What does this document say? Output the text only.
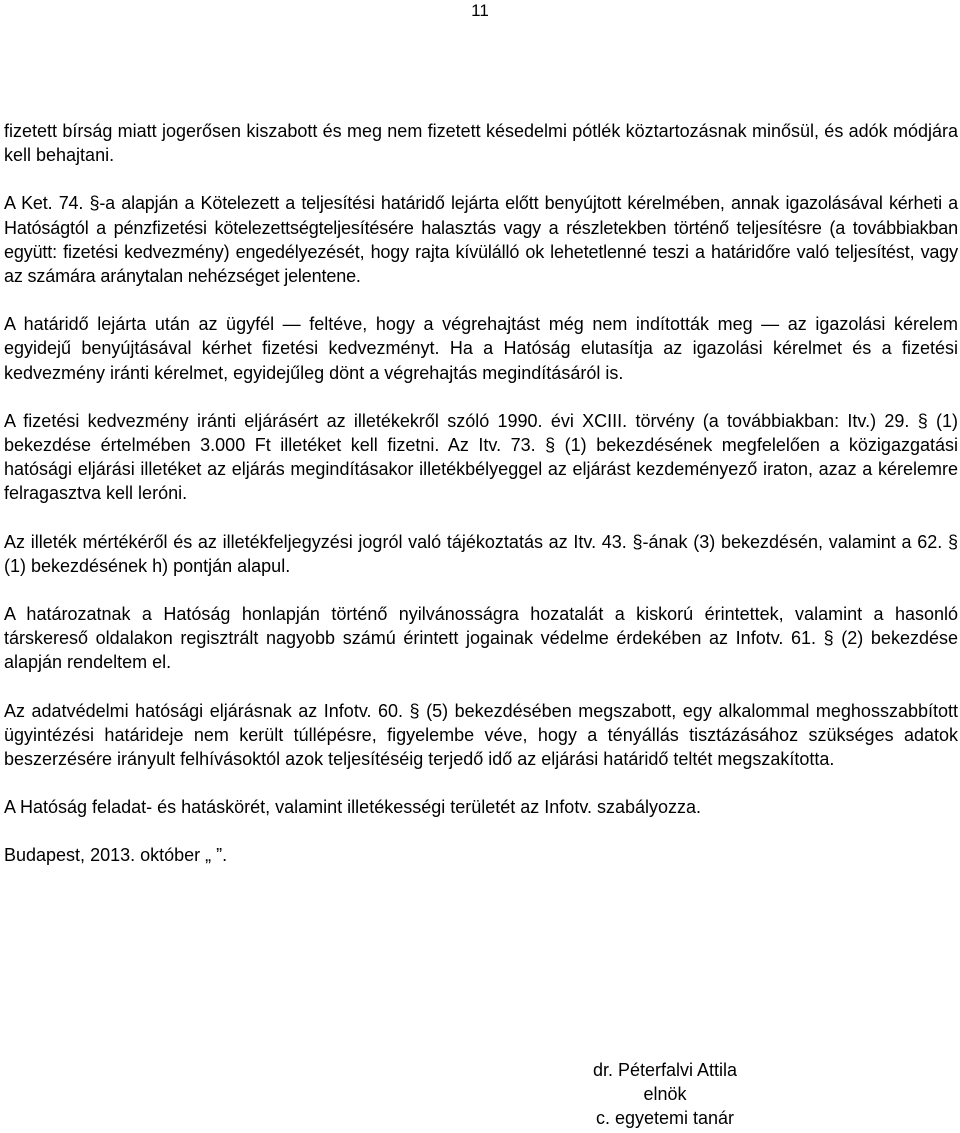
11

fizetett bírság miatt jogerősen kiszabott és meg nem fizetett késedelmi pótlék köztartozásnak minősül, és adók módjára kell behajtani.

A Ket. 74. §-a alapján a Kötelezett a teljesítési határidő lejárta előtt benyújtott kérelmében, annak igazolásával kérheti a Hatóságtól a pénzfizetési kötelezettségteljesítésére halasztás vagy a részletekben történő teljesítésre (a továbbiakban együtt: fizetési kedvezmény) engedélyezését, hogy rajta kívülálló ok lehetetlenné teszi a határidőre való teljesítést, vagy az számára aránytalan nehézséget jelentene.

A határidő lejárta után az ügyfél — feltéve, hogy a végrehajtást még nem indították meg — az igazolási kérelem egyidejű benyújtásával kérhet fizetési kedvezményt. Ha a Hatóság elutasítja az igazolási kérelmet és a fizetési kedvezmény iránti kérelmet, egyidejűleg dönt a végrehajtás megindításáról is.

A fizetési kedvezmény iránti eljárásért az illetékekről szóló 1990. évi XCIII. törvény (a továbbiakban: Itv.) 29. § (1) bekezdése értelmében 3.000 Ft illetéket kell fizetni. Az Itv. 73. § (1) bekezdésének megfelelően a közigazgatási hatósági eljárási illetéket az eljárás megindításakor illetékbélyeggel az eljárást kezdeményező iraton, azaz a kérelemre felragasztva kell leróni.

Az illeték mértékéről és az illetékfeljegyzési jogról való tájékoztatás az Itv. 43. §-ának (3) bekezdésén, valamint a 62. § (1) bekezdésének h) pontján alapul.

A határozatnak a Hatóság honlapján történő nyilvánosságra hozatalát a kiskorú érintettek, valamint a hasonló társkereső oldalakon regisztrált nagyobb számú érintett jogainak védelme érdekében az Infotv. 61. § (2) bekezdése alapján rendeltem el.

Az adatvédelmi hatósági eljárásnak az Infotv. 60. § (5) bekezdésében megszabott, egy alkalommal meghosszabbított ügyintézési határideje nem került túllépésre, figyelembe véve, hogy a tényállás tisztázásához szükséges adatok beszerzésére irányult felhívásoktól azok teljesítéséig terjedő idő az eljárási határidő teltét megszakította.

A Hatóság feladat- és hatáskörét, valamint illetékességi területét az Infotv. szabályozza.

Budapest, 2013. október „ ”.

dr. Péterfalvi Attila
elnök
c. egyetemi tanár
